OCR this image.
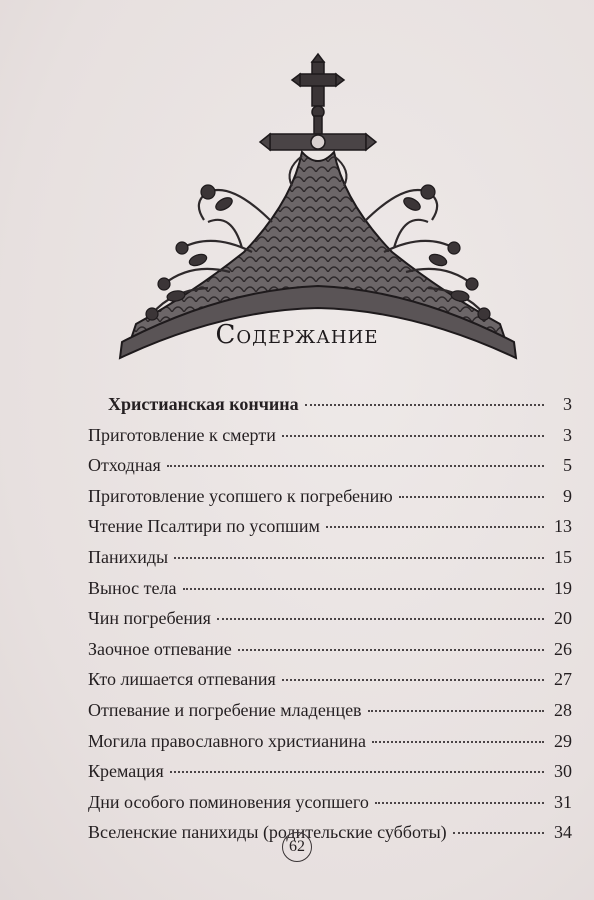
Содержание
Христианская кончина	3
Приготовление к смерти	3
Отходная	5
Приготовление усопшего к погребению	9
Чтение Псалтири по усопшим	13
Панихиды	15
Вынос тела	19
Чин погребения	20
Заочное отпевание	26
Кто лишается отпевания	27
Отпевание и погребение младенцев	28
Могила православного христианина	29
Кремация	30
Дни особого поминовения усопшего	31
Вселенские панихиды (родительские субботы)	34
62
